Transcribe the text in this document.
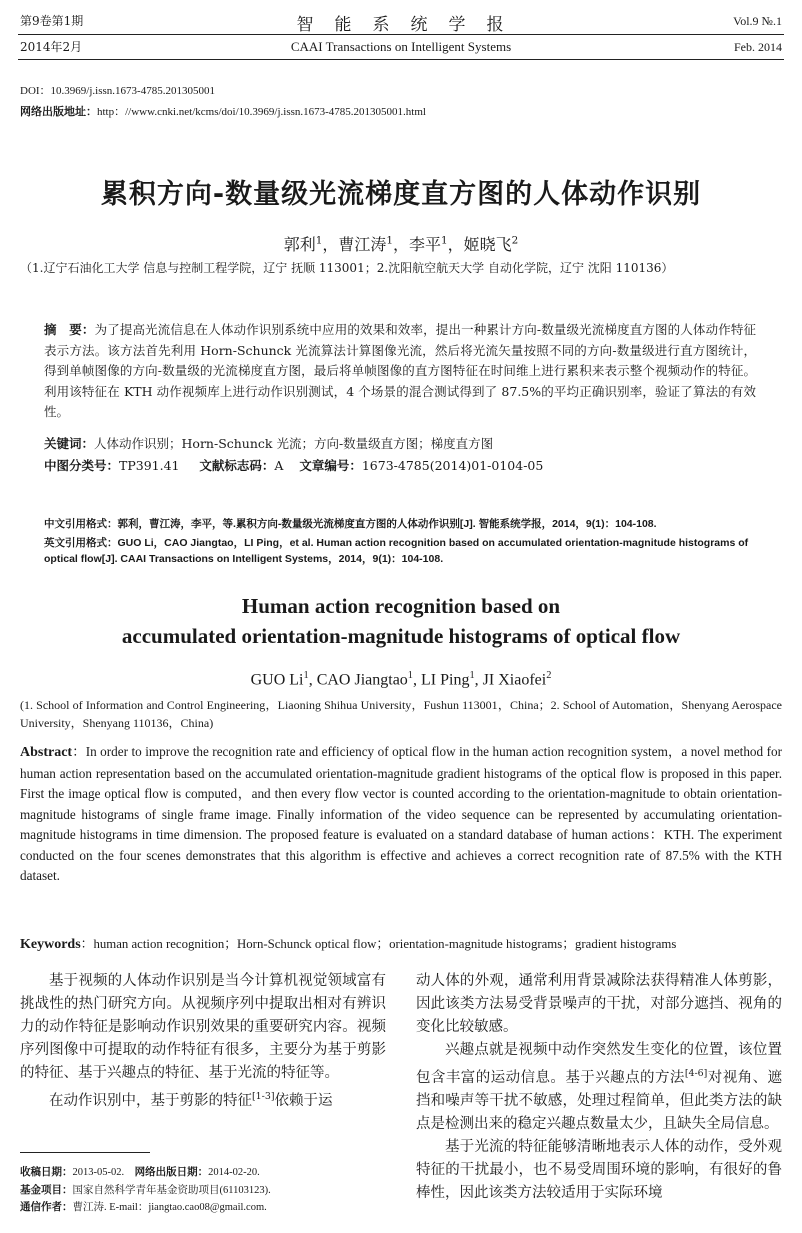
第9卷第1期
2014年2月
智　能　系　统　学　报
CAAI Transactions on Intelligent Systems
Vol.9 №.1
Feb. 2014
DOI：10.3969/j.issn.1673-4785.201305001
网络出版地址：http：//www.cnki.net/kcms/doi/10.3969/j.issn.1673-4785.201305001.html
累积方向-数量级光流梯度直方图的人体动作识别
郭利$^1$，曹江涛$^1$，李平$^1$，姬晓飞$^2$
（1.辽宁石油化工大学 信息与控制工程学院，辽宁 抚顺 113001；2.沈阳航空航天大学 自动化学院，辽宁 沈阳 110136）
摘　要：为了提高光流信息在人体动作识别系统中应用的效果和效率，提出一种累计方向-数量级光流梯度直方图的人体动作特征表示方法。该方法首先利用 Horn-Schunck 光流算法计算图像光流，然后将光流矢量按照不同的方向-数量级进行直方图统计，得到单帧图像的方向-数量级的光流梯度直方图，最后将单帧图像的直方图特征在时间维上进行累积来表示整个视频动作的特征。利用该特征在 KTH 动作视频库上进行动作识别测试，4 个场景的混合测试得到了 87.5%的平均正确识别率，验证了算法的有效性。
关键词：人体动作识别；Horn-Schunck 光流；方向-数量级直方图；梯度直方图
中图分类号：TP391.41 文献标志码：A 文章编号：1673-4785(2014)01-0104-05
中文引用格式：郭利，曹江涛，李平，等.累积方向-数量级光流梯度直方图的人体动作识别[J]. 智能系统学报，2014，9(1)：104-108.
英文引用格式：GUO Li，CAO Jiangtao，LI Ping，et al. Human action recognition based on accumulated orientation-magnitude histograms of optical flow[J]. CAAI Transactions on Intelligent Systems，2014，9(1)：104-108.
Human action recognition based on
accumulated orientation-magnitude histograms of optical flow
GUO Li$^1$, CAO Jiangtao$^1$, LI Ping$^1$, JI Xiaofei$^2$
(1. School of Information and Control Engineering，Liaoning Shihua University，Fushun 113001，China；2. School of Automation，Shenyang Aerospace University，Shenyang 110136，China)
Abstract：In order to improve the recognition rate and efficiency of optical flow in the human action recognition system，a novel method for human action representation based on the accumulated orientation-magnitude gradient histograms of the optical flow is proposed in this paper. First the image optical flow is computed，and then every flow vector is counted according to the orientation-magnitude to obtain orientation-magnitude histograms of single frame image. Finally information of the video sequence can be represented by accumulating orientation-magnitude histograms in time dimension. The proposed feature is evaluated on a standard database of human actions：KTH. The experiment conducted on the four scenes demonstrates that this algorithm is effective and achieves a correct recognition rate of 87.5% with the KTH dataset.
Keywords：human action recognition；Horn-Schunck optical flow；orientation-magnitude histograms；gradient histograms
基于视频的人体动作识别是当今计算机视觉领域富有挑战性的热门研究方向。从视频序列中提取出相对有辨识力的动作特征是影响动作识别效果的重要研究内容。视频序列图像中可提取的动作特征有很多，主要分为基于剪影的特征、基于兴趣点的特征、基于光流的特征等。
在动作识别中，基于剪影的特征[1-3]依赖于运
收稿日期：2013-05-02. 网络出版日期：2014-02-20.
基金项目：国家自然科学青年基金资助项目(61103123).
通信作者：曹江涛. E-mail：jiangtao.cao08@gmail.com.
动人体的外观，通常利用背景减除法获得精准人体剪影，因此该类方法易受背景噪声的干扰，对部分遮挡、视角的变化比较敏感。
兴趣点就是视频中动作突然发生变化的位置，该位置包含丰富的运动信息。基于兴趣点的方法[4-6]对视角、遮挡和噪声等干扰不敏感，处理过程简单，但此类方法的缺点是检测出来的稳定兴趣点数量太少，且缺失全局信息。
基于光流的特征能够清晰地表示人体的动作，受外观特征的干扰最小，也不易受周围环境的影响，有很好的鲁棒性，因此该类方法较适用于实际环境
